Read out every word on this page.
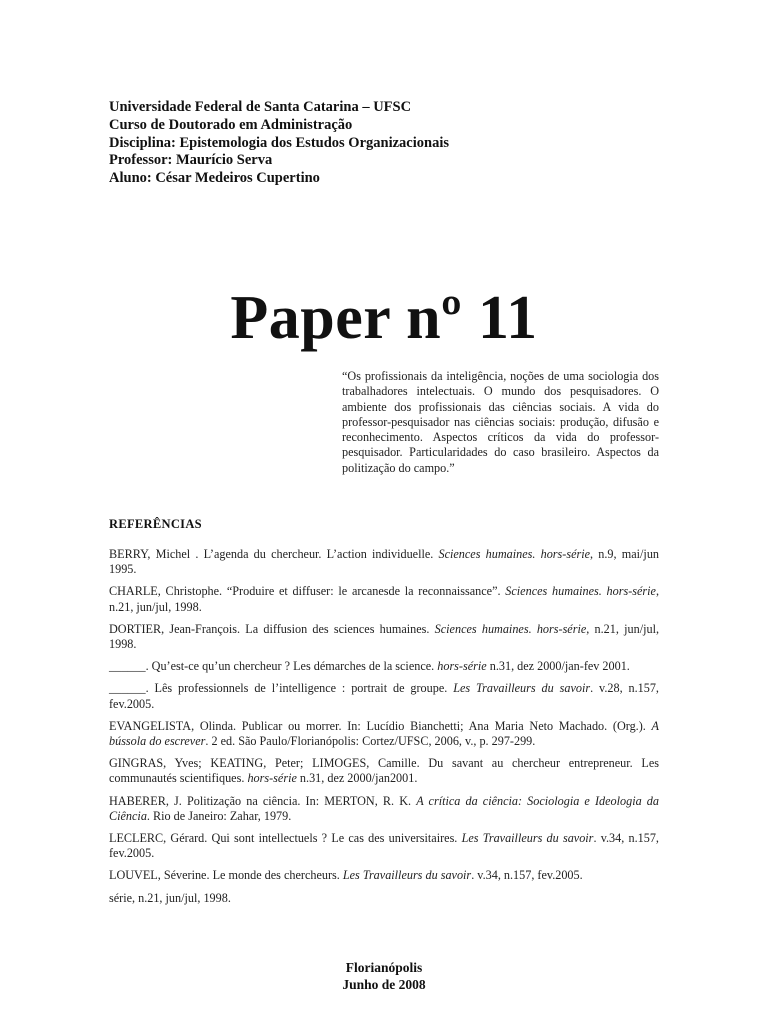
Universidade Federal de Santa Catarina – UFSC
Curso de Doutorado em Administração
Disciplina: Epistemologia dos Estudos Organizacionais
Professor: Maurício Serva
Aluno: César Medeiros Cupertino
Paper nº 11
“Os profissionais da inteligência, noções de uma sociologia dos trabalhadores intelectuais. O mundo dos pesquisadores. O ambiente dos profissionais das ciências sociais. A vida do professor-pesquisador nas ciências sociais: produção, difusão e reconhecimento. Aspectos críticos da vida do professor-pesquisador. Particularidades do caso brasileiro. Aspectos da politização do campo.”
REFERÊNCIAS

BERRY, Michel . L’agenda du chercheur. L’action individuelle. Sciences humaines. hors-série, n.9, mai/jun 1995.

CHARLE, Christophe. “Produire et diffuser: le arcanesde la reconnaissance”. Sciences humaines. hors-série, n.21, jun/jul, 1998.

DORTIER, Jean-François. La diffusion des sciences humaines. Sciences humaines. hors-série, n.21, jun/jul, 1998.

______. Qu’est-ce qu’un chercheur ? Les démarches de la science. hors-série n.31, dez 2000/jan-fev 2001.

______. Lês professionnels de l’intelligence : portrait de groupe. Les Travailleurs du savoir. v.28, n.157, fev.2005.

EVANGELISTA, Olinda. Publicar ou morrer. In: Lucídio Bianchetti; Ana Maria Neto Machado. (Org.). A bússola do escrever. 2 ed. São Paulo/Florianópolis: Cortez/UFSC, 2006, v., p. 297-299.

GINGRAS, Yves; KEATING, Peter; LIMOGES, Camille. Du savant au chercheur entrepreneur. Les communautés scientifiques. hors-série n.31, dez 2000/jan2001.

HABERER, J. Politização na ciência. In: MERTON, R. K. A crítica da ciência: Sociologia e Ideologia da Ciência. Rio de Janeiro: Zahar, 1979.

LECLERC, Gérard. Qui sont intellectuels ? Le cas des universitaires. Les Travailleurs du savoir. v.34, n.157, fev.2005.

LOUVEL, Séverine. Le monde des chercheurs. Les Travailleurs du savoir. v.34, n.157, fev.2005.

série, n.21, jun/jul, 1998.

Florianópolis
Junho de 2008
